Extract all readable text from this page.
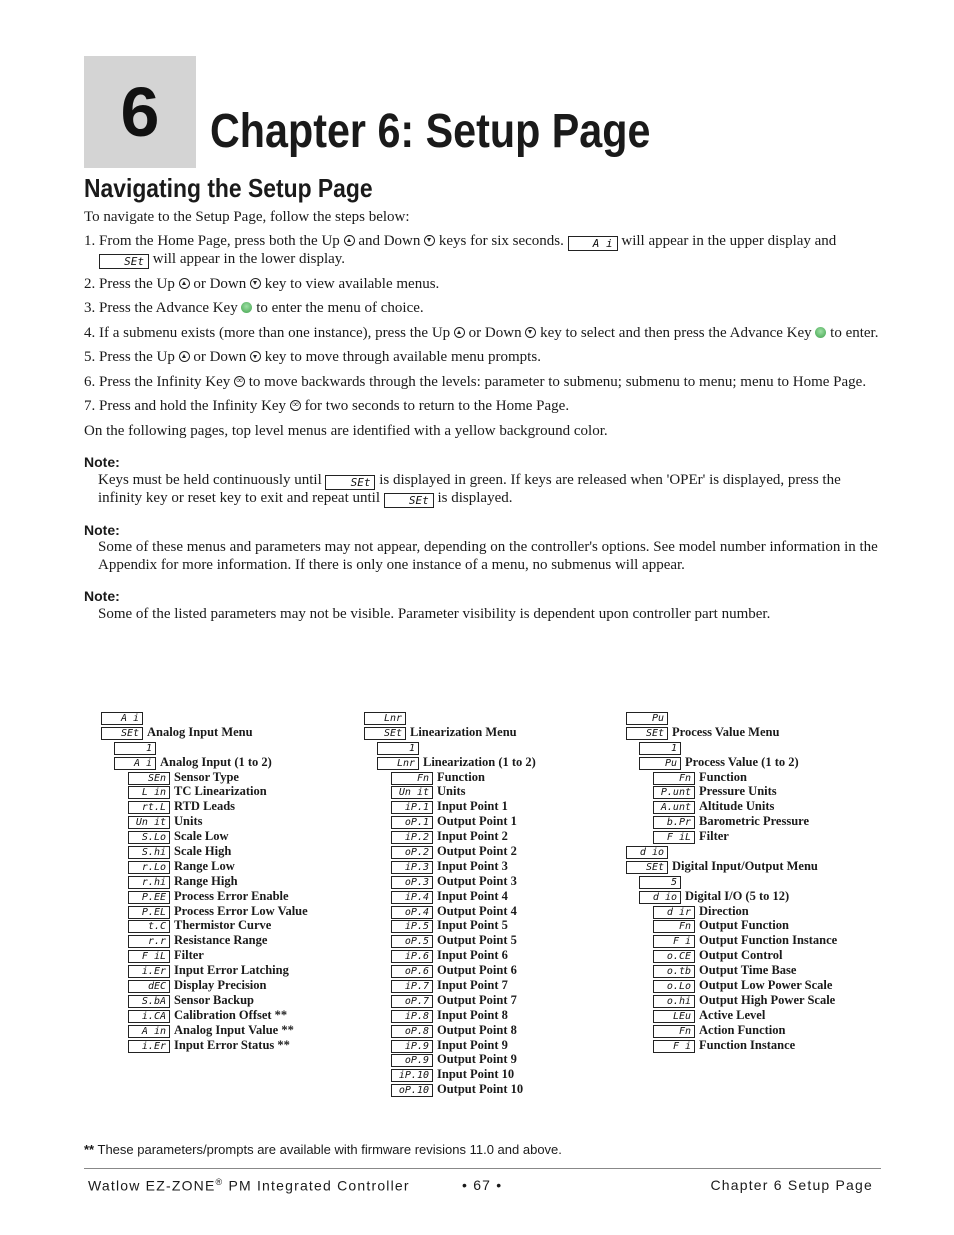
6	Chapter 6: Setup Page
Navigating the Setup Page

To navigate to the Setup Page, follow the steps below:

1. From the Home Page, press both the Up and Down keys for six seconds.	A i will appear in the upper display and SEt will appear in the lower display.
2. Press the Up or Down key to view available menus.
3. Press the Advance Key to enter the menu of choice.
4. If a submenu exists (more than one instance), press the Up or Down key to select and then press the Advance Key to enter.
5. Press the Up or Down key to move through available menu prompts.
6. Press the Infinity Key ∞ to move backwards through the levels: parameter to submenu; submenu to menu; menu to Home Page.
7. Press and hold the Infinity Key ∞ for two seconds to return to the Home Page.

On the following pages, top level menus are identified with a yellow background color.

Note:

Keys must be held continuously until	SEt is displayed in green. If keys are released when 'OPEr' is displayed, press the infinity key or reset key to exit and repeat until	SEt is displayed.

Note:

Some of these menus and parameters may not appear, depending on the controller's options. See model number information in the Appendix for more information. If there is only one instance of a menu, no submenus will appear.

Note:

Some of the listed parameters may not be visible. Parameter visibility is dependent upon controller part number.

A i
SEt Analog Input Menu
1
A i Analog Input (1 to 2)
SEn Sensor Type
L in TC Linearization
rt.L RTD Leads
Un it Units
S.Lo Scale Low
S.hi Scale High
r.Lo Range Low
r.hi Range High
P.EE Process Error Enable
P.EL Process Error Low Value
t.C Thermistor Curve
r.r Resistance Range
F iL Filter
i.Er Input Error Latching
dEC Display Precision
S.bA Sensor Backup
i.CA Calibration Offset **
A in Analog Input Value **
i.Er Input Error Status **
Lnr
SEt Linearization Menu
1
Lnr Linearization (1 to 2)
Fn Function
Un it Units
iP.1 Input Point 1
oP.1 Output Point 1
iP.2 Input Point 2
oP.2 Output Point 2
iP.3 Input Point 3
oP.3 Output Point 3
iP.4 Input Point 4
oP.4 Output Point 4
iP.5 Input Point 5
oP.5 Output Point 5
iP.6 Input Point 6
oP.6 Output Point 6
iP.7 Input Point 7
oP.7 Output Point 7
iP.8 Input Point 8
oP.8 Output Point 8
iP.9 Input Point 9
oP.9 Output Point 9
iP.10 Input Point 10
oP.10 Output Point 10
Pu
SEt Process Value Menu
1
Pu Process Value (1 to 2)
Fn Function
P.unt Pressure Units
A.unt Altitude Units
b.Pr Barometric Pressure
F iL Filter
d io
SEt Digital Input/Output Menu
5
d io Digital I/O (5 to 12)
d ir Direction
Fn Output Function
F i Output Function Instance
o.CE Output Control
o.tb Output Time Base
o.Lo Output Low Power Scale
o.hi Output High Power Scale
LEu Active Level
Fn Action Function
F i Function Instance
** These parameters/prompts are available with firmware revisions 11.0 and above.
Watlow EZ-ZONE® PM Integrated Controller	• 67 •	Chapter 6 Setup Page
